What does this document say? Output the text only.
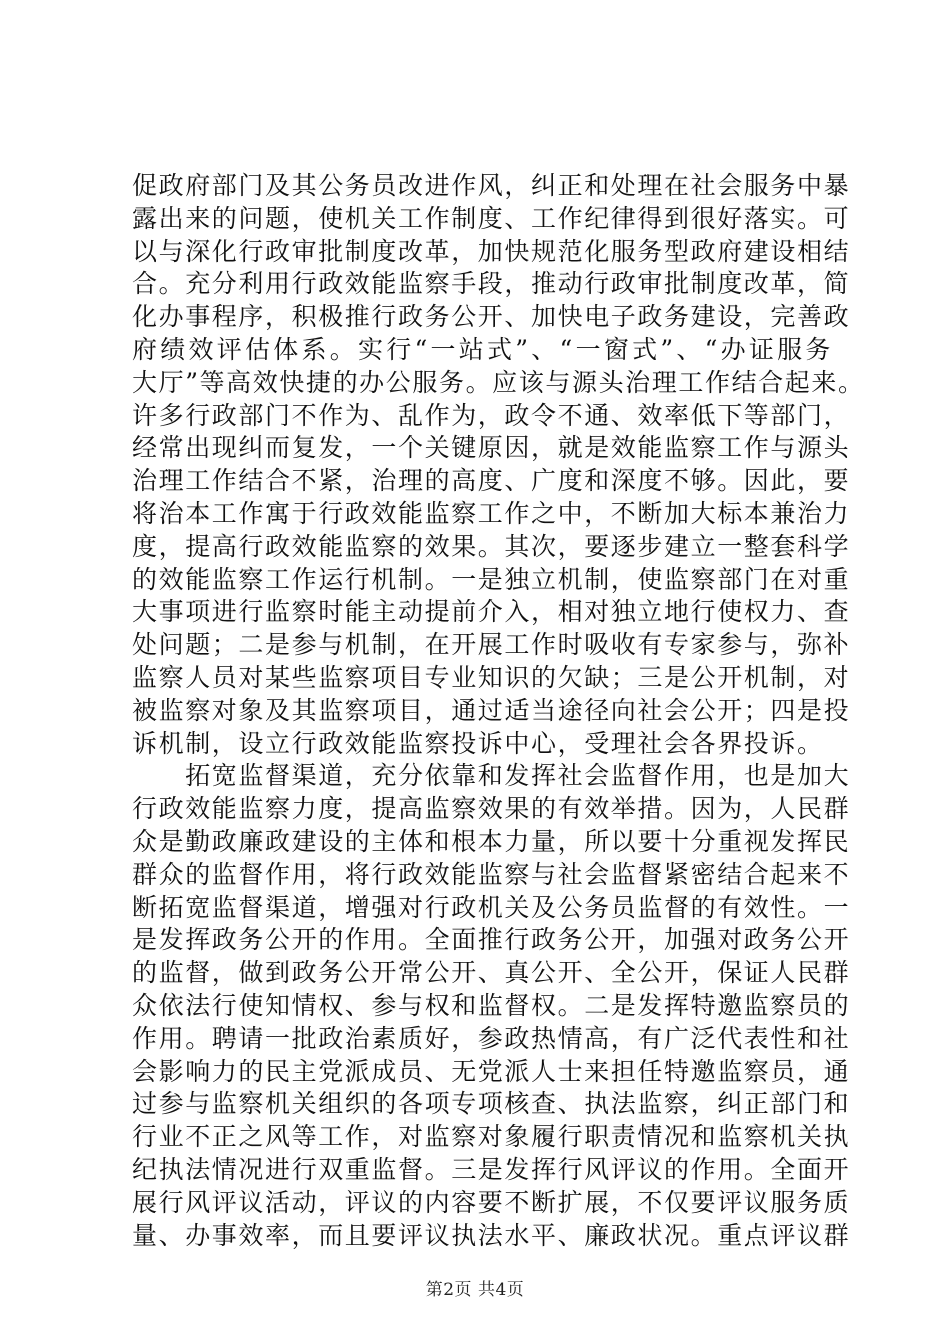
促政府部门及其公务员改进作风，纠正和处理在社会服务中暴
露出来的问题，使机关工作制度、工作纪律得到很好落实。可
以与深化行政审批制度改革，加快规范化服务型政府建设相结
合。充分利用行政效能监察手段，推动行政审批制度改革，简
化办事程序，积极推行政务公开、加快电子政务建设，完善政
府绩效评估体系。实行“一站式”、“一窗式”、“办证服务
大厅”等高效快捷的办公服务。应该与源头治理工作结合起来。
许多行政部门不作为、乱作为，政令不通、效率低下等部门，
经常出现纠而复发，一个关键原因，就是效能监察工作与源头
治理工作结合不紧，治理的高度、广度和深度不够。因此，要
将治本工作寓于行政效能监察工作之中，不断加大标本兼治力
度，提高行政效能监察的效果。其次，要逐步建立一整套科学
的效能监察工作运行机制。一是独立机制，使监察部门在对重
大事项进行监察时能主动提前介入，相对独立地行使权力、查
处问题；二是参与机制，在开展工作时吸收有专家参与，弥补
监察人员对某些监察项目专业知识的欠缺；三是公开机制，对
被监察对象及其监察项目，通过适当途径向社会公开；四是投
诉机制，设立行政效能监察投诉中心，受理社会各界投诉。
　　拓宽监督渠道，充分依靠和发挥社会监督作用，也是加大
行政效能监察力度，提高监察效果的有效举措。因为，人民群
众是勤政廉政建设的主体和根本力量，所以要十分重视发挥民
群众的监督作用，将行政效能监察与社会监督紧密结合起来不
断拓宽监督渠道，增强对行政机关及公务员监督的有效性。一
是发挥政务公开的作用。全面推行政务公开，加强对政务公开
的监督，做到政务公开常公开、真公开、全公开，保证人民群
众依法行使知情权、参与权和监督权。二是发挥特邀监察员的
作用。聘请一批政治素质好，参政热情高，有广泛代表性和社
会影响力的民主党派成员、无党派人士来担任特邀监察员，通
过参与监察机关组织的各项专项核查、执法监察，纠正部门和
行业不正之风等工作，对监察对象履行职责情况和监察机关执
纪执法情况进行双重监督。三是发挥行风评议的作用。全面开
展行风评议活动，评议的内容要不断扩展，不仅要评议服务质
量、办事效率，而且要评议执法水平、廉政状况。重点评议群
第2页 共4页
